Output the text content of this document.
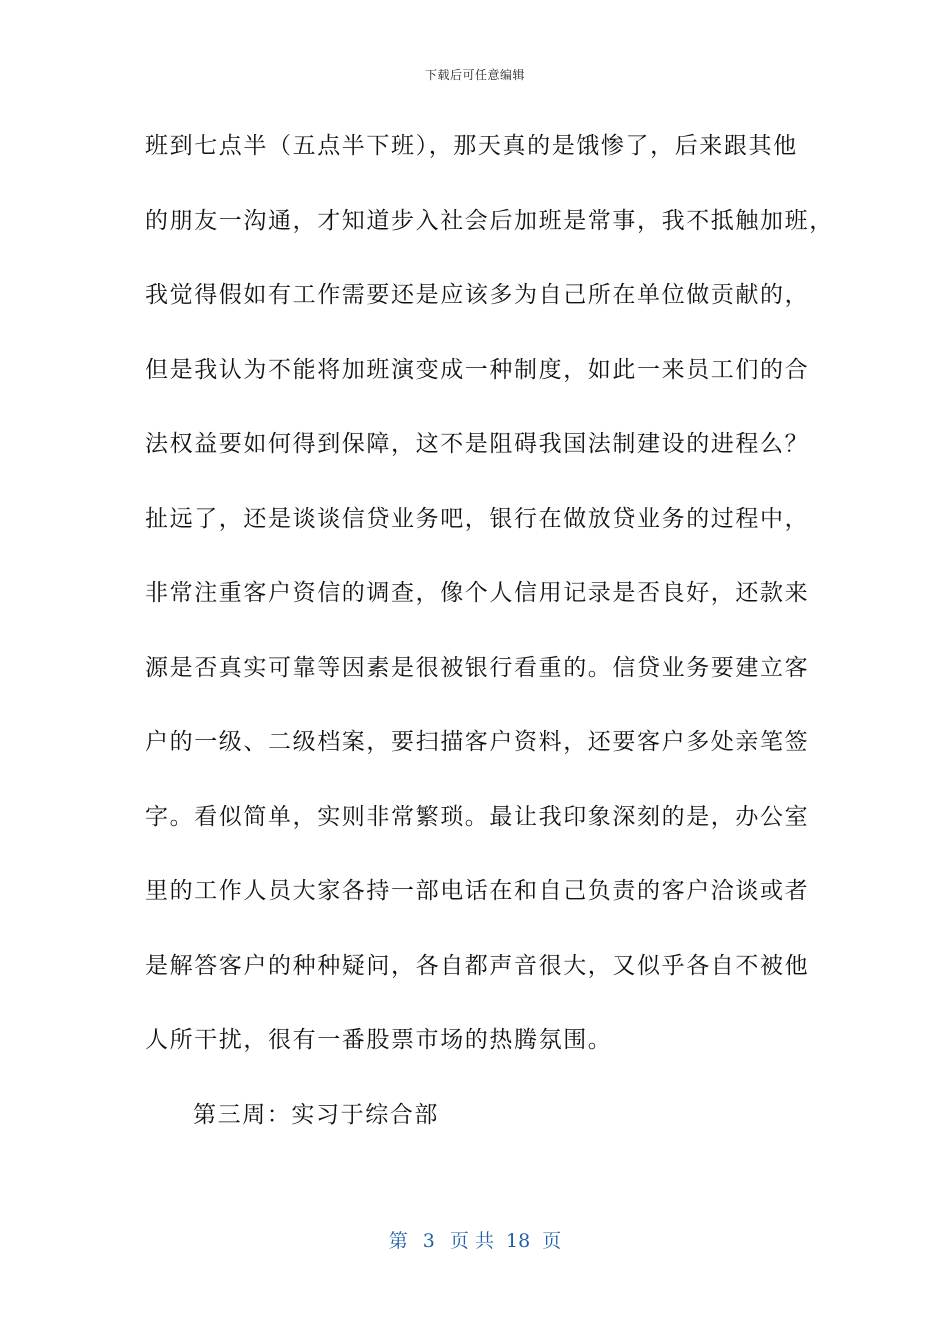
下载后可任意编辑
班到七点半（五点半下班），那天真的是饿惨了，后来跟其他
的朋友一沟通，才知道步入社会后加班是常事，我不抵触加班，
我觉得假如有工作需要还是应该多为自己所在单位做贡献的，
但是我认为不能将加班演变成一种制度，如此一来员工们的合
法权益要如何得到保障，这不是阻碍我国法制建设的进程么？
扯远了，还是谈谈信贷业务吧，银行在做放贷业务的过程中，
非常注重客户资信的调查，像个人信用记录是否良好，还款来
源是否真实可靠等因素是很被银行看重的。信贷业务要建立客
户的一级、二级档案，要扫描客户资料，还要客户多处亲笔签
字。看似简单，实则非常繁琐。最让我印象深刻的是，办公室
里的工作人员大家各持一部电话在和自己负责的客户洽谈或者
是解答客户的种种疑问，各自都声音很大，又似乎各自不被他
人所干扰，很有一番股票市场的热腾氛围。
第三周：实习于综合部
第 3 页 共 18 页
